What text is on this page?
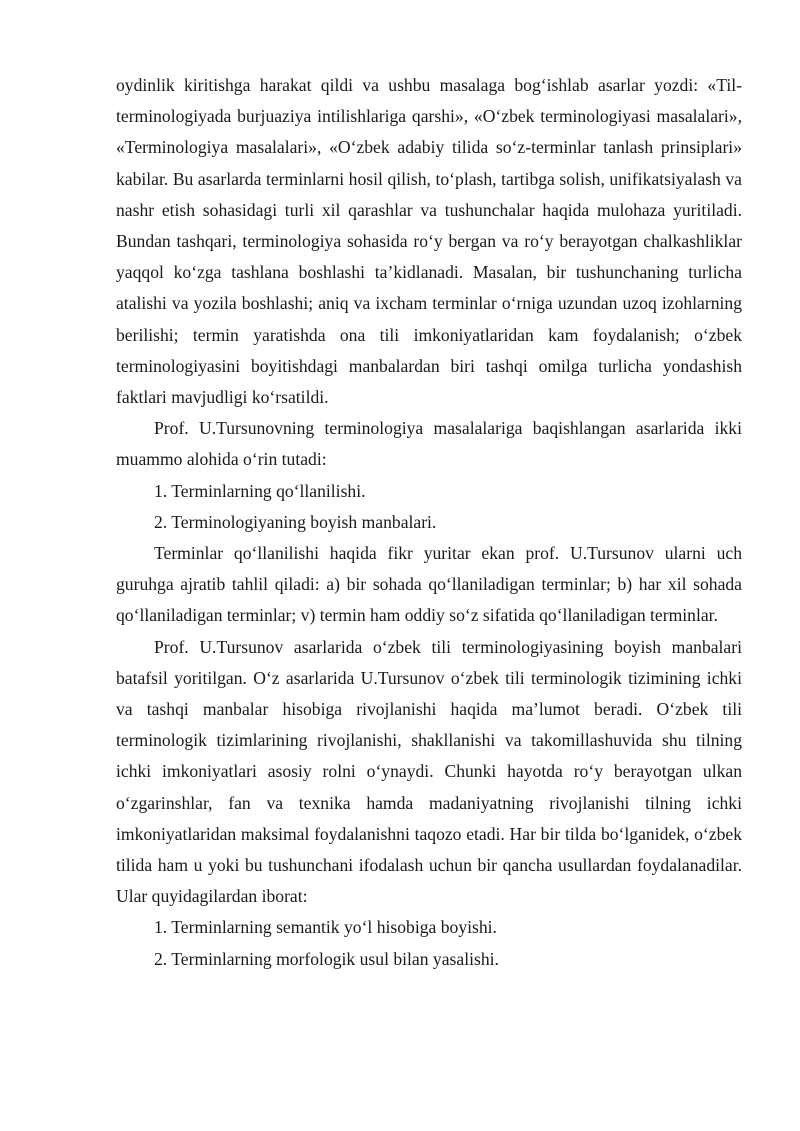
oydinlik kiritishga harakat qildi va ushbu masalaga bog‘ishlab asarlar yozdi: «Til-terminologiyada burjuaziya intilishlariga qarshi», «O‘zbek terminologiyasi masalalari», «Terminologiya masalalari», «O‘zbek adabiy tilida so‘z-terminlar tanlash prinsiplari» kabilar. Bu asarlarda terminlarni hosil qilish, to‘plash, tartibga solish, unifikatsiyalash va nashr etish sohasidagi turli xil qarashlar va tushunchalar haqida mulohaza yuritiladi. Bundan tashqari, terminologiya sohasida ro‘y bergan va ro‘y berayotgan chalkashliklar yaqqol ko‘zga tashlana boshlashi ta’kidlanadi. Masalan, bir tushunchaning turlicha atalishi va yozila boshlashi; aniq va ixcham terminlar o‘rniga uzundan uzoq izohlarning berilishi; termin yaratishda ona tili imkoniyatlaridan kam foydalanish; o‘zbek terminologiyasini boyitishdagi manbalardan biri tashqi omilga turlicha yondashish faktlari mavjudligi ko‘rsatildi.

Prof. U.Tursunovning terminologiya masalalariga baqishlangan asarlarida ikki muammo alohida o‘rin tutadi:

1. Terminlarning qo‘llanilishi.

2. Terminologiyaning boyish manbalari.

Terminlar qo‘llanilishi haqida fikr yuritar ekan prof. U.Tursunov ularni uch guruhga ajratib tahlil qiladi: a) bir sohada qo‘llaniladigan terminlar; b) har xil sohada qo‘llaniladigan terminlar; v) termin ham oddiy so‘z sifatida qo‘llaniladigan terminlar.

Prof. U.Tursunov asarlarida o‘zbek tili terminologiyasining boyish manbalari batafsil yoritilgan. O‘z asarlarida U.Tursunov o‘zbek tili terminologik tizimining ichki va tashqi manbalar hisobiga rivojlanishi haqida ma’lumot beradi. O‘zbek tili terminologik tizimlarining rivojlanishi, shakllanishi va takomillashuvida shu tilning ichki imkoniyatlari asosiy rolni o‘ynaydi. Chunki hayotda ro‘y berayotgan ulkan o‘zgarinshlar, fan va texnika hamda madaniyatning rivojlanishi tilning ichki imkoniyatlaridan maksimal foydalanishni taqozo etadi. Har bir tilda bo‘lganidek, o‘zbek tilida ham u yoki bu tushunchani ifodalash uchun bir qancha usullardan foydalanadilar. Ular quyidagilardan iborat:

1. Terminlarning semantik yo‘l hisobiga boyishi.

2. Terminlarning morfologik usul bilan yasalishi.
